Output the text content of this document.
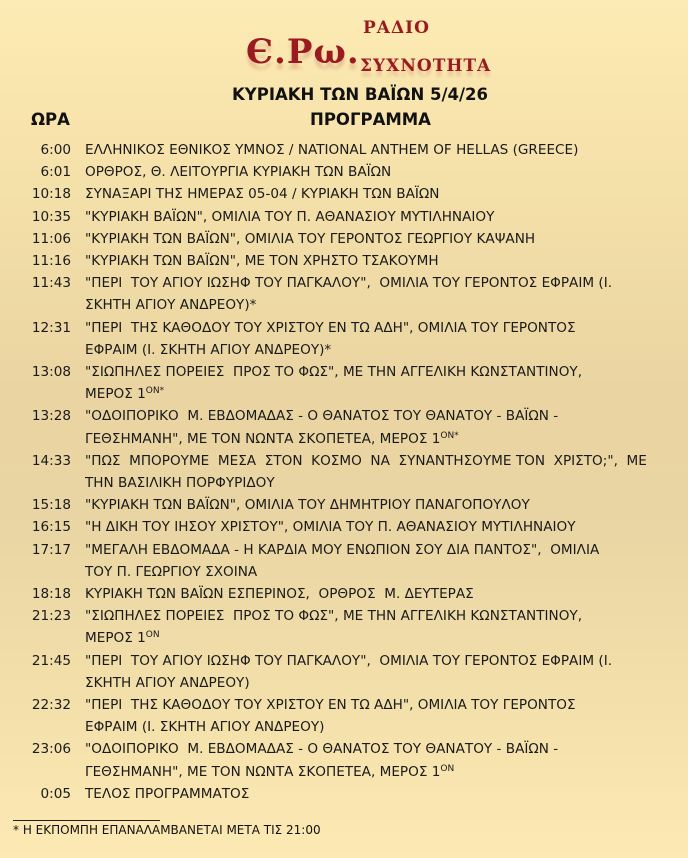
Є.Ρω.
ΡΑΔΙΟ
ΣΥΧΝΟΤΗΤΑ
ΚΥΡΙΑΚΗ ΤΩΝ ΒΑΪΩΝ 5/4/26
ΩΡΑ	ΠΡΟΓΡΑΜΜΑ
6:00 ΕΛΛΗΝΙΚΟΣ ΕΘΝΙΚΟΣ ΥΜΝΟΣ / NATIONAL ANTHEM OF HELLAS (GREECE)
6:01 ΟΡΘΡΟΣ, Θ. ΛΕΙΤΟΥΡΓΙΑ ΚΥΡΙΑΚΗ ΤΩΝ ΒΑΪΩΝ
10:18 ΣΥΝΑΞΑΡΙ ΤΗΣ ΗΜΕΡΑΣ 05-04 / ΚΥΡΙΑΚΗ ΤΩΝ ΒΑΪΩΝ
10:35 "ΚΥΡΙΑΚΗ ΒΑΪΩΝ", ΟΜΙΛΙΑ ΤΟΥ Π. ΑΘΑΝΑΣΙΟΥ ΜΥΤΙΛΗΝΑΙΟΥ
11:06 "ΚΥΡΙΑΚΗ ΤΩΝ ΒΑΪΩΝ", ΟΜΙΛΙΑ ΤΟΥ ΓΕΡΟΝΤΟΣ ΓΕΩΡΓΙΟΥ ΚΑΨΑΝΗ
11:16 "ΚΥΡΙΑΚΗ ΤΩΝ ΒΑΪΩΝ", ΜΕ ΤΟΝ ΧΡΗΣΤΟ ΤΣΑΚΟΥΜΗ
11:43 "ΠΕΡΙ  ΤΟΥ ΑΓΙΟΥ ΙΩΣΗΦ ΤΟΥ ΠΑΓΚΑΛΟΥ",  ΟΜΙΛΙΑ ΤΟΥ ΓΕΡΟΝΤΟΣ ΕΦΡΑΙΜ (Ι.
ΣΚΗΤΗ ΑΓΙΟΥ ΑΝΔΡΕΟΥ)*
12:31 "ΠΕΡΙ  ΤΗΣ ΚΑΘΟΔΟΥ ΤΟΥ ΧΡΙΣΤΟΥ ΕΝ ΤΩ ΑΔΗ", ΟΜΙΛΙΑ ΤΟΥ ΓΕΡΟΝΤΟΣ
ΕΦΡΑΙΜ (Ι. ΣΚΗΤΗ ΑΓΙΟΥ ΑΝΔΡΕΟΥ)*
13:08 "ΣΙΩΠΗΛΕΣ ΠΟΡΕΙΕΣ  ΠΡΟΣ ΤΟ ΦΩΣ", ΜΕ ΤΗΝ ΑΓΓΕΛΙΚΗ ΚΩΝΣΤΑΝΤΙΝΟΥ,
ΜΕΡΟΣ $1^{ON*}$
13:28 "ΟΔΟΙΠΟΡΙΚΟ  Μ. ΕΒΔΟΜΑΔΑΣ - Ο ΘΑΝΑΤΟΣ ΤΟΥ ΘΑΝΑΤΟΥ - ΒΑΪΩΝ -
ΓΕΘΣΗΜΑΝΗ", ΜΕ ΤΟΝ ΝΩΝΤΑ ΣΚΟΠΕΤΕΑ, ΜΕΡΟΣ $1^{ON*}$
14:33 "ΠΩΣ  ΜΠΟΡΟΥΜΕ  ΜΕΣΑ  ΣΤΟΝ  ΚΟΣΜΟ  ΝΑ  ΣΥΝΑΝΤΗΣΟΥΜΕ ΤΟΝ  ΧΡΙΣΤΟ;",  ΜΕ
ΤΗΝ ΒΑΣΙΛΙΚΗ ΠΟΡΦΥΡΙΔΟΥ
15:18 "ΚΥΡΙΑΚΗ ΤΩΝ ΒΑΪΩΝ", ΟΜΙΛΙΑ ΤΟΥ ΔΗΜΗΤΡΙΟΥ ΠΑΝΑΓΟΠΟΥΛΟΥ
16:15 "Η ΔΙΚΗ ΤΟΥ ΙΗΣΟΥ ΧΡΙΣΤΟΥ", ΟΜΙΛΙΑ ΤΟΥ Π. ΑΘΑΝΑΣΙΟΥ ΜΥΤΙΛΗΝΑΙΟΥ
17:17 "ΜΕΓΑΛΗ ΕΒΔΟΜΑΔΑ - Η ΚΑΡΔΙΑ ΜΟΥ ΕΝΩΠΙΟΝ ΣΟΥ ΔΙΑ ΠΑΝΤΟΣ",  ΟΜΙΛΙΑ
ΤΟΥ Π. ΓΕΩΡΓΙΟΥ ΣΧΟΙΝΑ
18:18 ΚΥΡΙΑΚΗ ΤΩΝ ΒΑΪΩΝ ΕΣΠΕΡΙΝΟΣ,  ΟΡΘΡΟΣ  Μ. ΔΕΥΤΕΡΑΣ
21:23 "ΣΙΩΠΗΛΕΣ ΠΟΡΕΙΕΣ  ΠΡΟΣ ΤΟ ΦΩΣ", ΜΕ ΤΗΝ ΑΓΓΕΛΙΚΗ ΚΩΝΣΤΑΝΤΙΝΟΥ,
ΜΕΡΟΣ $1^{ON}$
21:45 "ΠΕΡΙ  ΤΟΥ ΑΓΙΟΥ ΙΩΣΗΦ ΤΟΥ ΠΑΓΚΑΛΟΥ",  ΟΜΙΛΙΑ ΤΟΥ ΓΕΡΟΝΤΟΣ ΕΦΡΑΙΜ (Ι.
ΣΚΗΤΗ ΑΓΙΟΥ ΑΝΔΡΕΟΥ)
22:32 "ΠΕΡΙ  ΤΗΣ ΚΑΘΟΔΟΥ ΤΟΥ ΧΡΙΣΤΟΥ ΕΝ ΤΩ ΑΔΗ", ΟΜΙΛΙΑ ΤΟΥ ΓΕΡΟΝΤΟΣ
ΕΦΡΑΙΜ (Ι. ΣΚΗΤΗ ΑΓΙΟΥ ΑΝΔΡΕΟΥ)
23:06 "ΟΔΟΙΠΟΡΙΚΟ  Μ. ΕΒΔΟΜΑΔΑΣ - Ο ΘΑΝΑΤΟΣ ΤΟΥ ΘΑΝΑΤΟΥ - ΒΑΪΩΝ -
ΓΕΘΣΗΜΑΝΗ", ΜΕ ΤΟΝ ΝΩΝΤΑ ΣΚΟΠΕΤΕΑ, ΜΕΡΟΣ $1^{ON}$
0:05 ΤΕΛΟΣ ΠΡΟΓΡΑΜΜΑΤΟΣ
* Η ΕΚΠΟΜΠΗ ΕΠΑΝΑΛΑΜΒΑΝΕΤΑΙ ΜΕΤΑ ΤΙΣ 21:00
